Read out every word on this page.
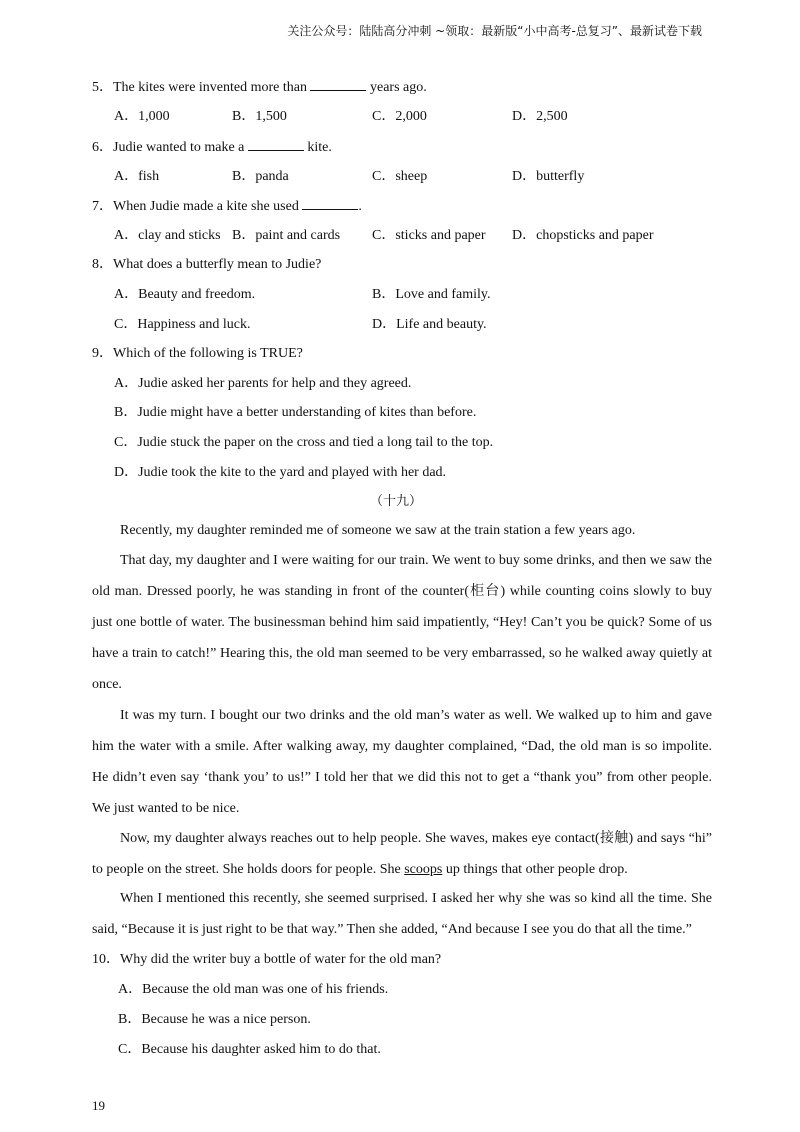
关注公众号：陆陆高分冲刺 ~领取：最新版“小中高考-总复习”、最新试卷下载
5．The kites were invented more than	years ago.
A．1,000	B．1,500	C．2,000	D．2,500
6．Judie wanted to make a	kite.
A．fish	B．panda	C．sheep	D．butterfly
7．When Judie made a kite she used	.
A．clay and sticks B．paint and cards C．sticks and paper D．chopsticks and paper
8．What does a butterfly mean to Judie?
A．Beauty and freedom.	B．Love and family.
C．Happiness and luck.	D．Life and beauty.
9．Which of the following is TRUE?
A．Judie asked her parents for help and they agreed.
B．Judie might have a better understanding of kites than before.
C．Judie stuck the paper on the cross and tied a long tail to the top.
D．Judie took the kite to the yard and played with her dad.
（十九）
Recently, my daughter reminded me of someone we saw at the train station a few years ago.
That day, my daughter and I were waiting for our train. We went to buy some drinks, and then we saw the old man. Dressed poorly, he was standing in front of the counter(柜台) while counting coins slowly to buy just one bottle of water. The businessman behind him said impatiently, “Hey! Can’t you be quick? Some of us have a train to catch!” Hearing this, the old man seemed to be very embarrassed, so he walked away quietly at once.
It was my turn. I bought our two drinks and the old man’s water as well. We walked up to him and gave him the water with a smile. After walking away, my daughter complained, “Dad, the old man is so impolite. He didn’t even say ‘thank you’ to us!” I told her that we did this not to get a “thank you” from other people. We just wanted to be nice.
Now, my daughter always reaches out to help people. She waves, makes eye contact(接触) and says “hi” to people on the street. She holds doors for people. She scoops up things that other people drop.
When I mentioned this recently, she seemed surprised. I asked her why she was so kind all the time. She said, “Because it is just right to be that way.” Then she added, “And because I see you do that all the time.”
10．Why did the writer buy a bottle of water for the old man?
A．Because the old man was one of his friends.
B．Because he was a nice person.
C．Because his daughter asked him to do that.
19
